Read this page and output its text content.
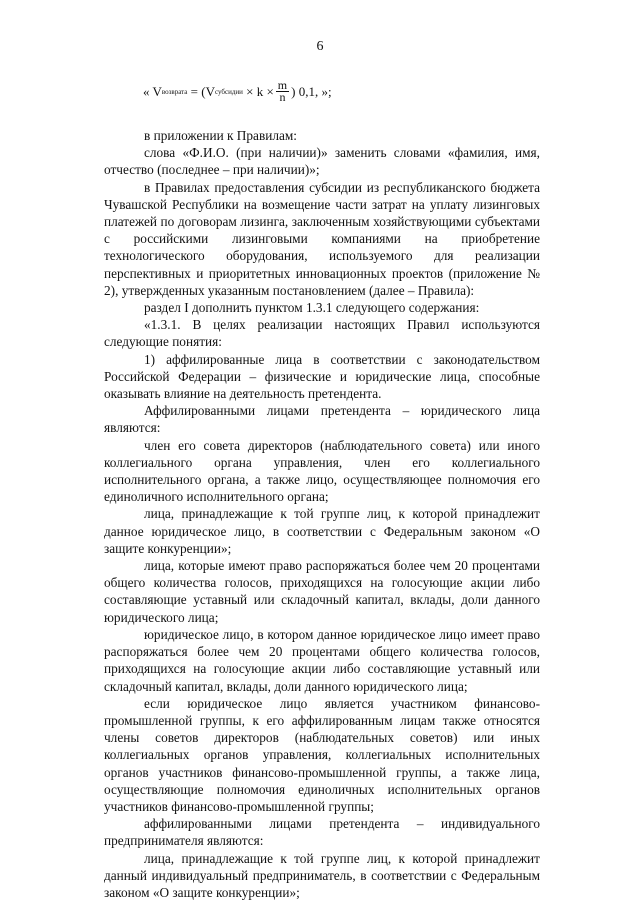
6
« V возврата
= (V субсидии
× $k \times \frac{m}{n}$ ) 0,1, »;

в приложении к Правилам:

слова «Ф.И.О. (при наличии)» заменить словами «фамилия, имя, отчество (последнее – при наличии)»;

в Правилах предоставления субсидии из республиканского бюджета Чувашской Республики на возмещение части затрат на уплату лизинговых платежей по договорам лизинга, заключенным хозяйствующими субъектами с российскими лизинговыми компаниями на приобретение технологического оборудования, используемого для реализации перспективных и приоритетных инновационных проектов (приложение № 2), утвержденных указанным постановлением (далее – Правила):

раздел I дополнить пунктом 1.3.1 следующего содержания:

«1.3.1. В целях реализации настоящих Правил используются следующие понятия:

1) аффилированные лица в соответствии с законодательством Российской Федерации – физические и юридические лица, способные оказывать влияние на деятельность претендента.

Аффилированными лицами претендента – юридического лица являются:

член его совета директоров (наблюдательного совета) или иного коллегиального органа управления, член его коллегиального исполнительного органа, а также лицо, осуществляющее полномочия его единоличного исполнительного органа;

лица, принадлежащие к той группе лиц, к которой принадлежит данное юридическое лицо, в соответствии с Федеральным законом «О защите конкуренции»;

лица, которые имеют право распоряжаться более чем 20 процентами общего количества голосов, приходящихся на голосующие акции либо составляющие уставный или складочный капитал, вклады, доли данного юридического лица;

юридическое лицо, в котором данное юридическое лицо имеет право распоряжаться более чем 20 процентами общего количества голосов, приходящихся на голосующие акции либо составляющие уставный или складочный капитал, вклады, доли данного юридического лица;

если юридическое лицо является участником финансово-промышленной группы, к его аффилированным лицам также относятся члены советов директоров (наблюдательных советов) или иных коллегиальных органов управления, коллегиальных исполнительных органов участников финансово-промышленной группы, а также лица, осуществляющие полномочия единоличных исполнительных органов участников финансово-промышленной группы;

аффилированными лицами претендента – индивидуального предпринимателя являются:

лица, принадлежащие к той группе лиц, к которой принадлежит данный индивидуальный предприниматель, в соответствии с Федеральным законом «О защите конкуренции»;
